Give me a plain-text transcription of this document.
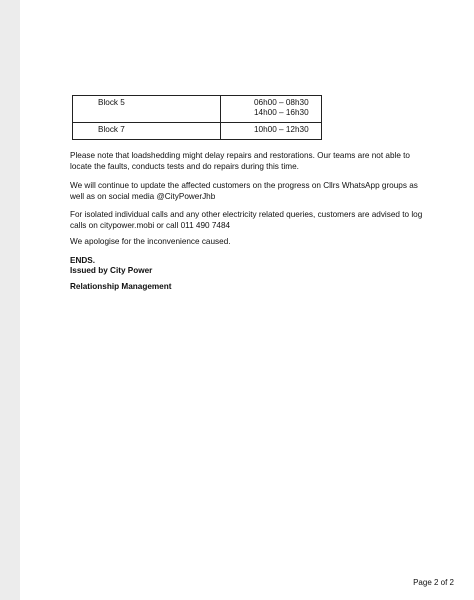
Block 5	06h00 – 08h30
14h00 – 16h30

Block 7	10h00 – 12h30

Please note that loadshedding might delay repairs and restorations. Our teams are not able to locate the faults, conducts tests and do repairs during this time.

We will continue to update the affected customers on the progress on Cllrs WhatsApp groups as well as on social media @CityPowerJhb

For isolated individual calls and any other electricity related queries, customers are advised to log calls on citypower.mobi or call 011 490 7484

We apologise for the inconvenience caused.

ENDS.

Issued by City Power

Relationship Management

Page 2 of 2
